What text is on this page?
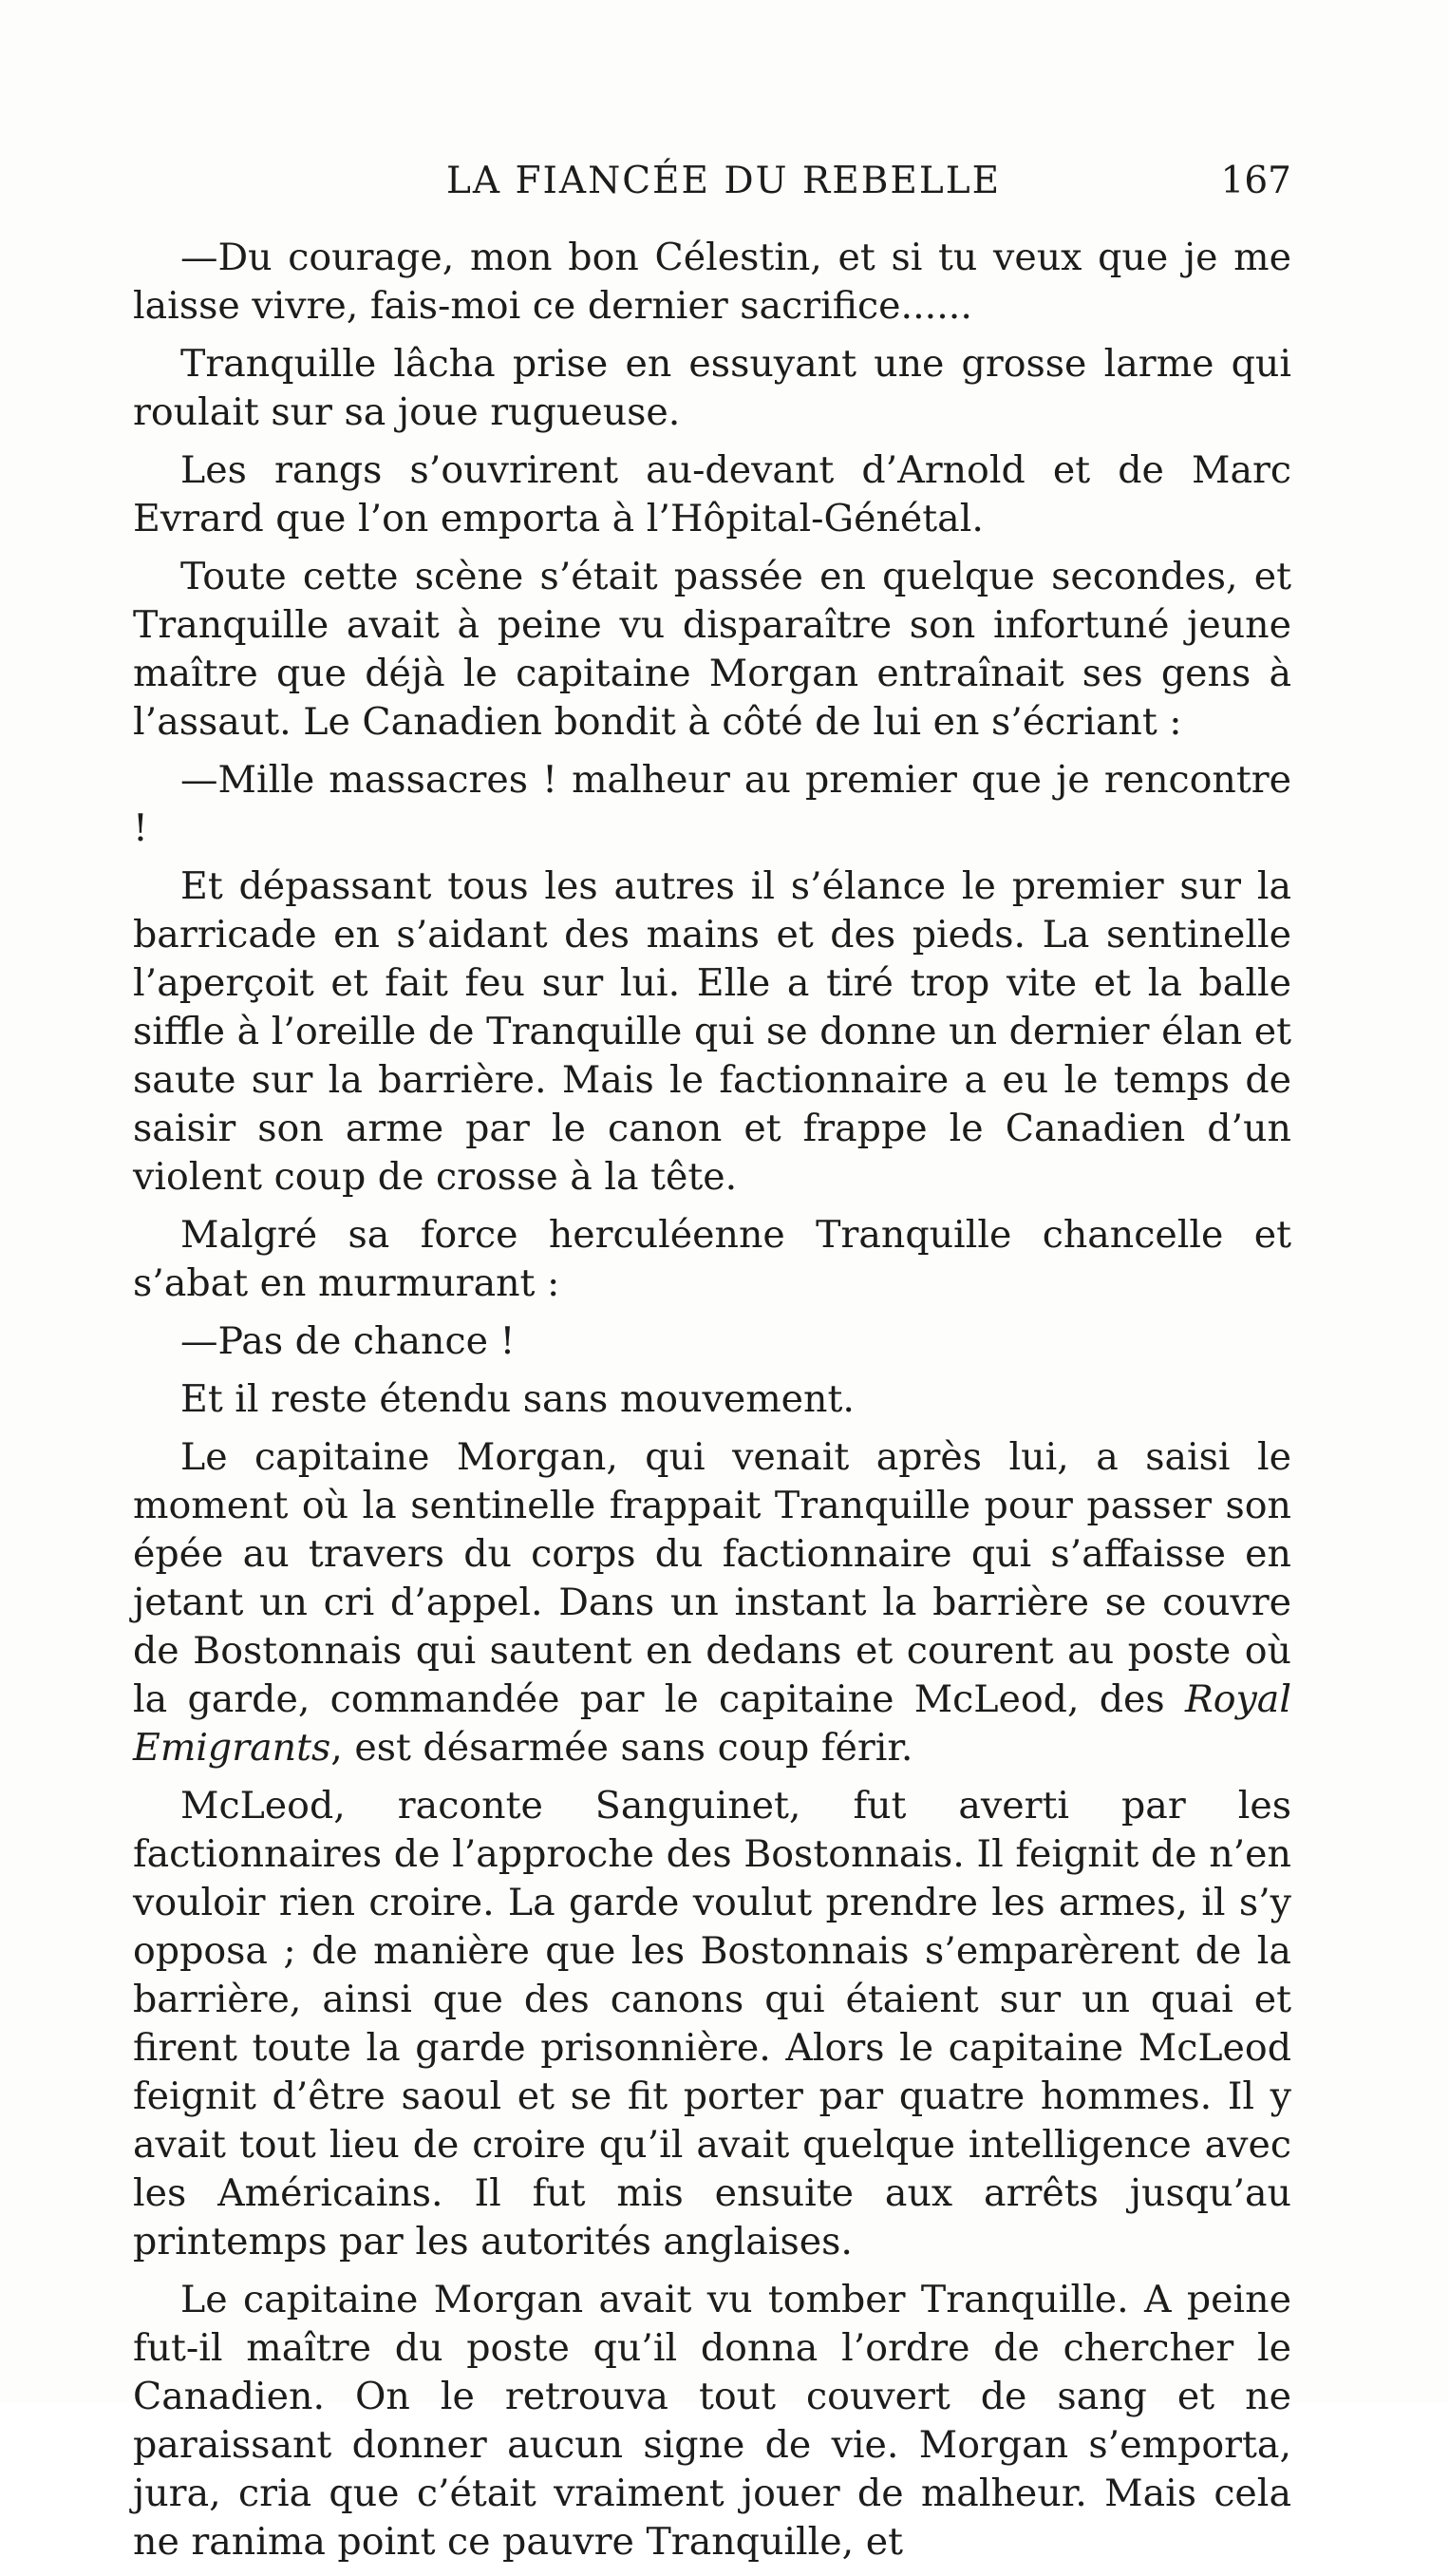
LA FIANCÉE DU REBELLE	167

—Du courage, mon bon Célestin, et si tu veux que je me laisse vivre, fais-moi ce dernier sacrifice......

Tranquille lâcha prise en essuyant une grosse larme qui roulait sur sa joue rugueuse.

Les rangs s’ouvrirent au-devant d’Arnold et de Marc Evrard que l’on emporta à l’Hôpital-Génétal.

Toute cette scène s’était passée en quelque secondes, et Tranquille avait à peine vu disparaître son infortuné jeune maître que déjà le capitaine Morgan entraînait ses gens à l’assaut. Le Canadien bondit à côté de lui en s’écriant :

—Mille massacres ! malheur au premier que je rencontre !

Et dépassant tous les autres il s’élance le premier sur la barricade en s’aidant des mains et des pieds. La sentinelle l’aperçoit et fait feu sur lui. Elle a tiré trop vite et la balle siffle à l’oreille de Tranquille qui se donne un dernier élan et saute sur la barrière. Mais le factionnaire a eu le temps de saisir son arme par le canon et frappe le Canadien d’un violent coup de crosse à la tête.

Malgré sa force herculéenne Tranquille chancelle et s’abat en murmurant :

—Pas de chance !

Et il reste étendu sans mouvement.

Le capitaine Morgan, qui venait après lui, a saisi le moment où la sentinelle frappait Tranquille pour passer son épée au travers du corps du factionnaire qui s’affaisse en jetant un cri d’appel. Dans un instant la barrière se couvre de Bostonnais qui sautent en dedans et courent au poste où la garde, commandée par le capitaine McLeod, des Royal Emigrants, est désarmée sans coup férir.

McLeod, raconte Sanguinet, fut averti par les factionnaires de l’approche des Bostonnais. Il feignit de n’en vouloir rien croire. La garde voulut prendre les armes, il s’y opposa ; de manière que les Bostonnais s’emparèrent de la barrière, ainsi que des canons qui étaient sur un quai et firent toute la garde prisonnière. Alors le capitaine McLeod feignit d’être saoul et se fit porter par quatre hommes. Il y avait tout lieu de croire qu’il avait quelque intelligence avec les Américains. Il fut mis ensuite aux arrêts jusqu’au printemps par les autorités anglaises.

Le capitaine Morgan avait vu tomber Tranquille. A peine fut-il maître du poste qu’il donna l’ordre de chercher le Canadien. On le retrouva tout couvert de sang et ne paraissant donner aucun signe de vie. Morgan s’emporta, jura, cria que c’était vraiment jouer de malheur. Mais cela ne ranima point ce pauvre Tranquille, et
